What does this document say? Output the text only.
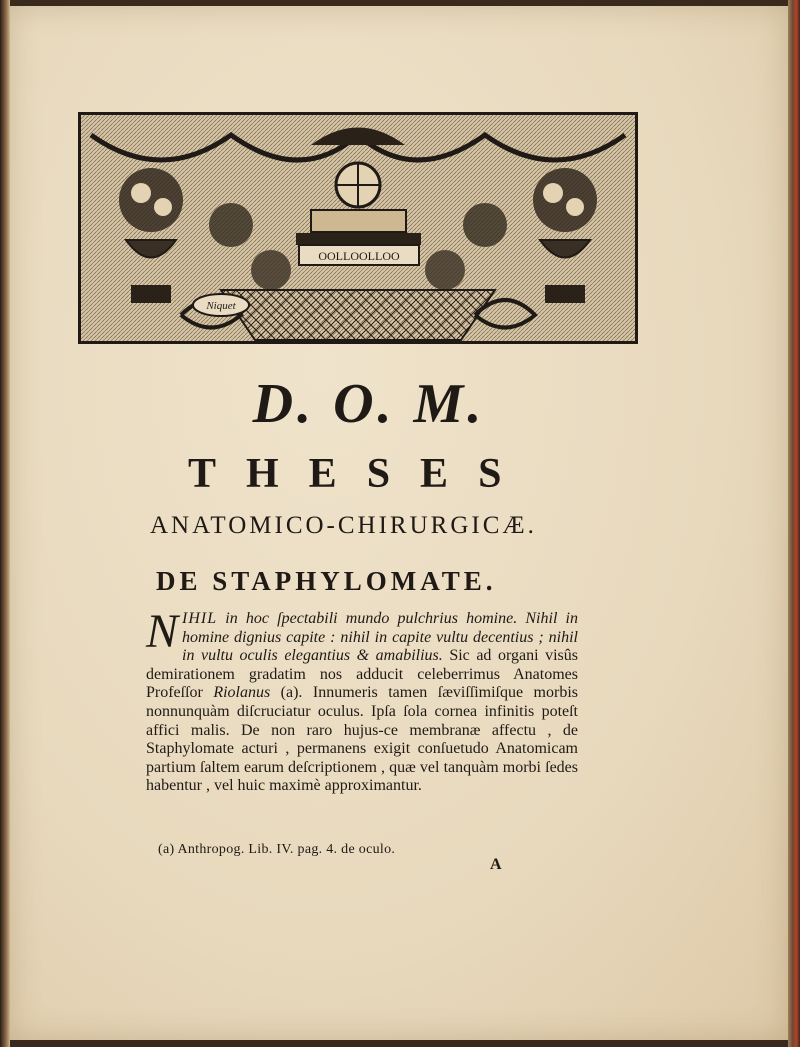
OOLLOOLLOO
Niquet
D. O. M.
THESES
ANATOMICO-CHIRURGICÆ.
DE STAPHYLOMATE.
NIHIL in hoc ſpectabili mundo pulchrius homine. Nihil in homine dignius capite : nihil in capite vultu decentius ; nihil in vultu oculis elegantius & amabilius. Sic ad organi visûs demirationem gradatim nos adducit celeberrimus Anatomes Profeſſor Riolanus (a). Innumeris tamen ſæviſſimiſque morbis nonnunquàm diſcruciatur oculus. Ipſa ſola cornea infinitis poteſt affici malis. De non raro hujus-ce membranæ affectu , de Staphylomate acturi , permanens exigit conſuetudo Anatomicam partium ſaltem earum deſcriptionem , quæ vel tanquàm morbi ſedes habentur , vel huic maximè approximantur.
(a) Anthropog. Lib. IV. pag. 4. de oculo.
A
